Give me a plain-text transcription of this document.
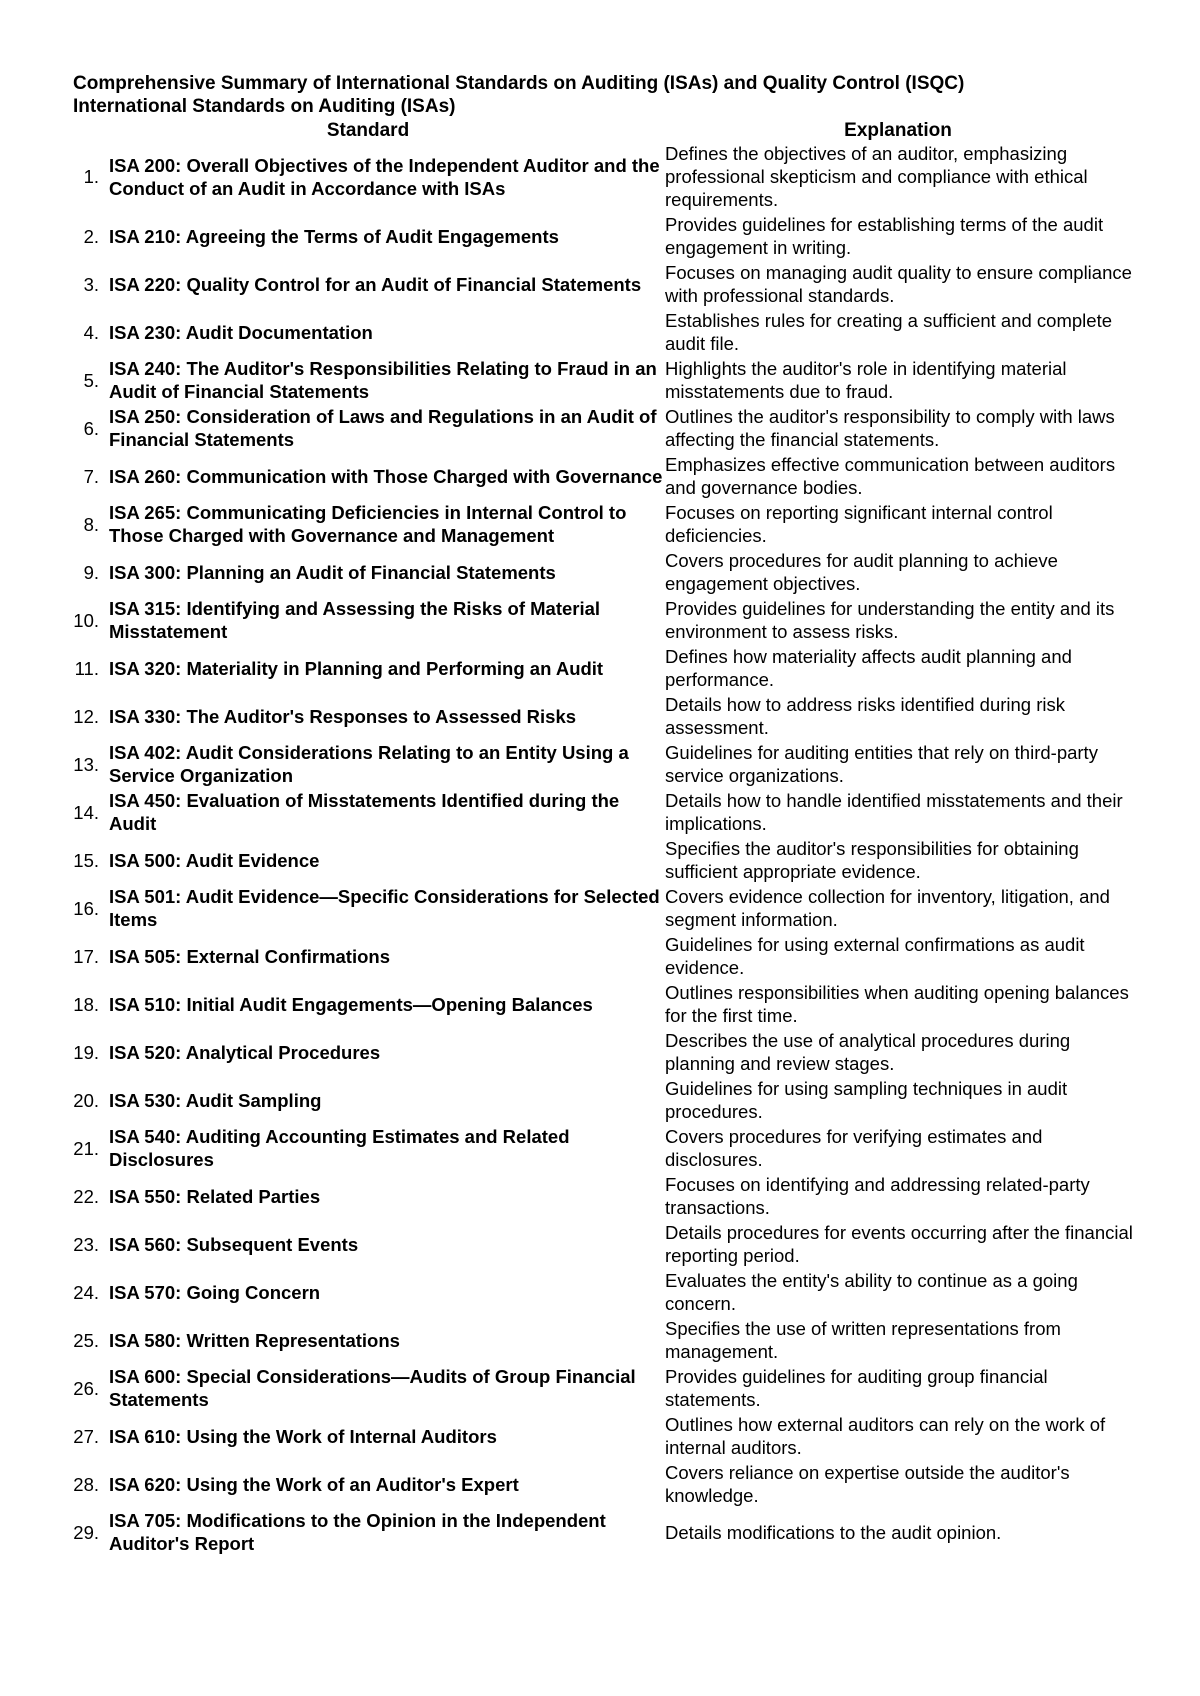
Comprehensive Summary of International Standards on Auditing (ISAs) and Quality Control (ISQC)
International Standards on Auditing (ISAs)
Standard		Explanation
1.	ISA 200: Overall Objectives of the Independent Auditor and the Conduct of an Audit in Accordance with ISAs	Defines the objectives of an auditor, emphasizing professional skepticism and compliance with ethical requirements.
2.	ISA 210: Agreeing the Terms of Audit Engagements	Provides guidelines for establishing terms of the audit engagement in writing.
3.	ISA 220: Quality Control for an Audit of Financial Statements	Focuses on managing audit quality to ensure compliance with professional standards.
4.	ISA 230: Audit Documentation	Establishes rules for creating a sufficient and complete audit file.
5.	ISA 240: The Auditor's Responsibilities Relating to Fraud in an Audit of Financial Statements	Highlights the auditor's role in identifying material misstatements due to fraud.
6.	ISA 250: Consideration of Laws and Regulations in an Audit of Financial Statements	Outlines the auditor's responsibility to comply with laws affecting the financial statements.
7.	ISA 260: Communication with Those Charged with Governance	Emphasizes effective communication between auditors and governance bodies.
8.	ISA 265: Communicating Deficiencies in Internal Control to Those Charged with Governance and Management	Focuses on reporting significant internal control deficiencies.
9.	ISA 300: Planning an Audit of Financial Statements	Covers procedures for audit planning to achieve engagement objectives.
10.	ISA 315: Identifying and Assessing the Risks of Material Misstatement	Provides guidelines for understanding the entity and its environment to assess risks.
11.	ISA 320: Materiality in Planning and Performing an Audit	Defines how materiality affects audit planning and performance.
12.	ISA 330: The Auditor's Responses to Assessed Risks	Details how to address risks identified during risk assessment.
13.	ISA 402: Audit Considerations Relating to an Entity Using a Service Organization	Guidelines for auditing entities that rely on third-party service organizations.
14.	ISA 450: Evaluation of Misstatements Identified during the Audit	Details how to handle identified misstatements and their implications.
15.	ISA 500: Audit Evidence	Specifies the auditor's responsibilities for obtaining sufficient appropriate evidence.
16.	ISA 501: Audit Evidence—Specific Considerations for Selected Items	Covers evidence collection for inventory, litigation, and segment information.
17.	ISA 505: External Confirmations	Guidelines for using external confirmations as audit evidence.
18.	ISA 510: Initial Audit Engagements—Opening Balances	Outlines responsibilities when auditing opening balances for the first time.
19.	ISA 520: Analytical Procedures	Describes the use of analytical procedures during planning and review stages.
20.	ISA 530: Audit Sampling	Guidelines for using sampling techniques in audit procedures.
21.	ISA 540: Auditing Accounting Estimates and Related Disclosures	Covers procedures for verifying estimates and disclosures.
22.	ISA 550: Related Parties	Focuses on identifying and addressing related-party transactions.
23.	ISA 560: Subsequent Events	Details procedures for events occurring after the financial reporting period.
24.	ISA 570: Going Concern	Evaluates the entity's ability to continue as a going concern.
25.	ISA 580: Written Representations	Specifies the use of written representations from management.
26.	ISA 600: Special Considerations—Audits of Group Financial Statements	Provides guidelines for auditing group financial statements.
27.	ISA 610: Using the Work of Internal Auditors	Outlines how external auditors can rely on the work of internal auditors.
28.	ISA 620: Using the Work of an Auditor's Expert	Covers reliance on expertise outside the auditor's knowledge.
29.	ISA 705: Modifications to the Opinion in the Independent Auditor's Report	Details modifications to the audit opinion.
